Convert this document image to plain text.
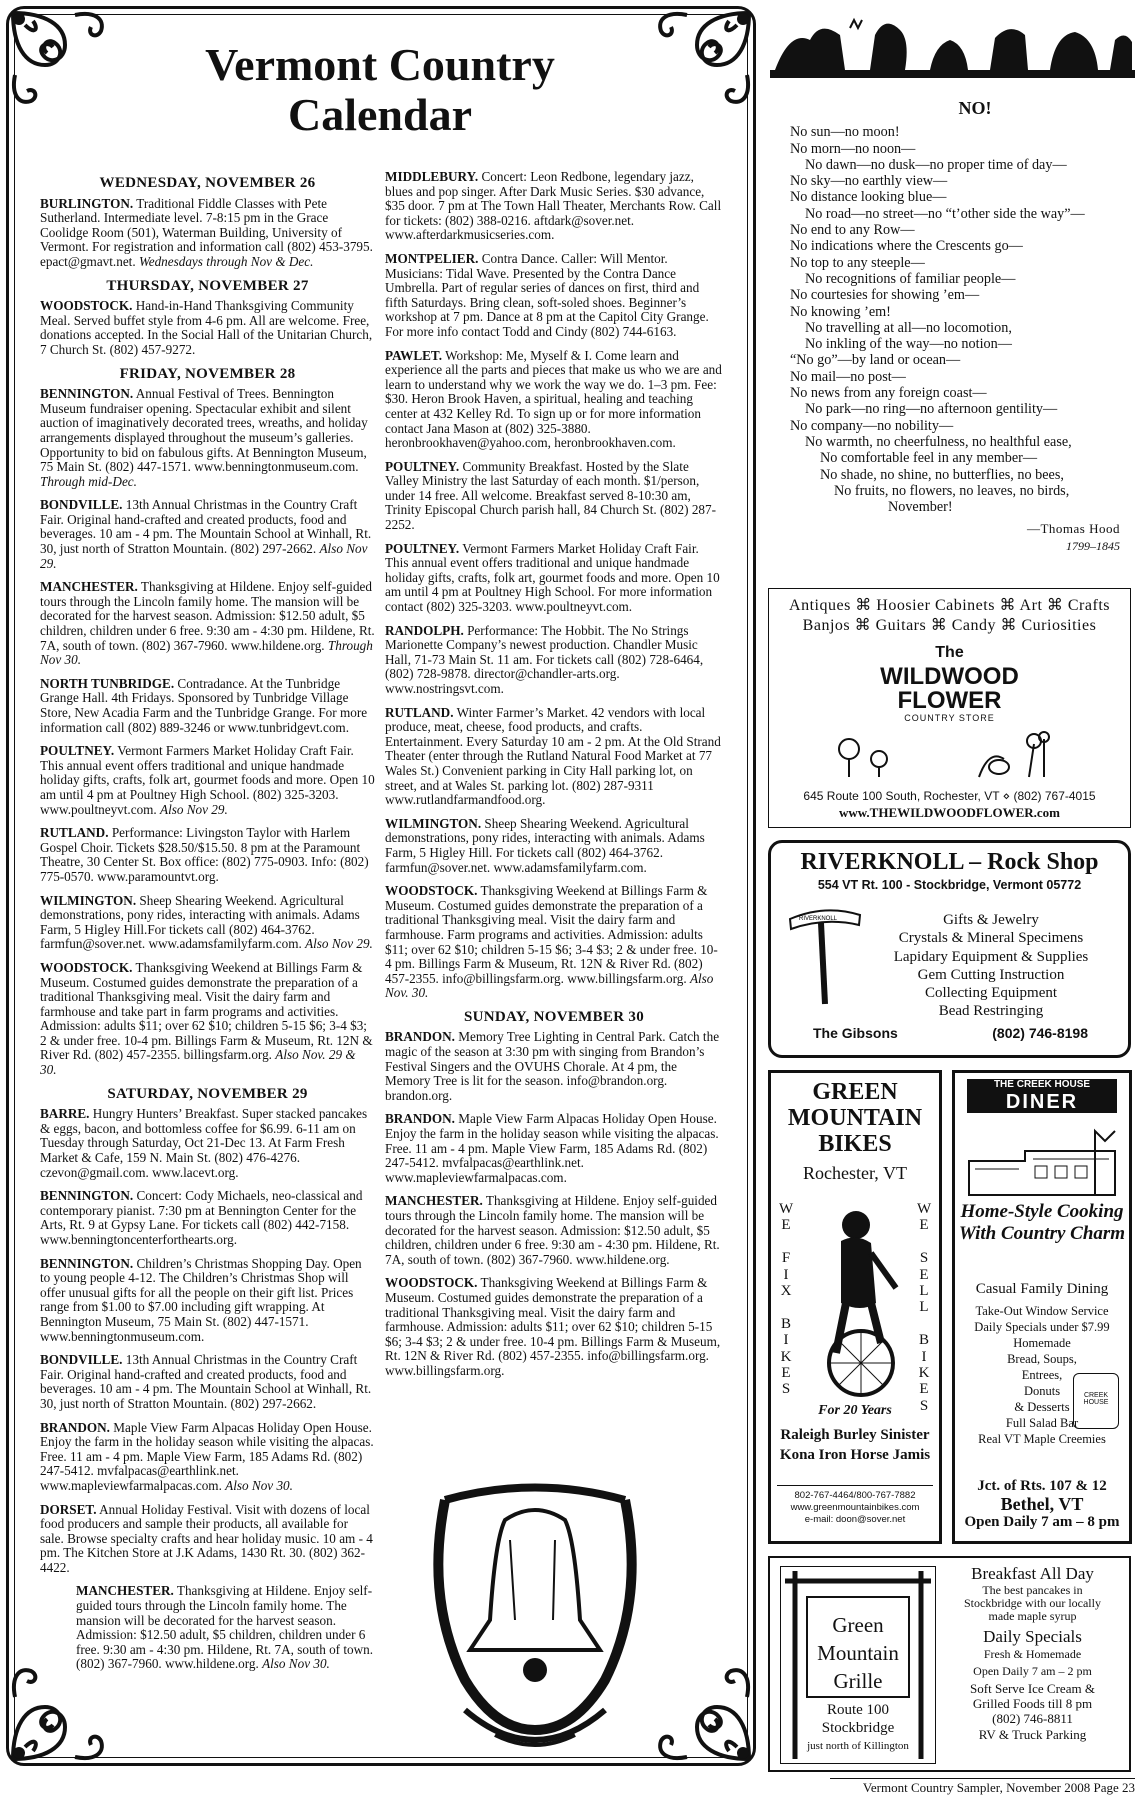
Vermont Country Calendar
WEDNESDAY, NOVEMBER 26
BURLINGTON. Traditional Fiddle Classes with Pete Sutherland. Intermediate level. 7-8:15 pm in the Grace Coolidge Room (501), Waterman Building, University of Vermont. For registration and information call (802) 453-3795. epact@gmavt.net. Wednesdays through Nov & Dec.
THURSDAY, NOVEMBER 27
WOODSTOCK. Hand-in-Hand Thanksgiving Community Meal. Served buffet style from 4-6 pm. All are welcome. Free, donations accepted. In the Social Hall of the Unitarian Church, 7 Church St. (802) 457-9272.
FRIDAY, NOVEMBER 28
BENNINGTON. Annual Festival of Trees. Bennington Museum fundraiser opening. Spectacular exhibit and silent auction of imaginatively decorated trees, wreaths, and holiday arrangements displayed throughout the museum’s galleries. Opportunity to bid on fabulous gifts. At Bennington Museum, 75 Main St. (802) 447-1571. www.benningtonmuseum.com. Through mid-Dec.
BONDVILLE. 13th Annual Christmas in the Country Craft Fair. Original hand-crafted and created products, food and beverages. 10 am - 4 pm. The Mountain School at Winhall, Rt. 30, just north of Stratton Mountain. (802) 297-2662. Also Nov 29.
MANCHESTER. Thanksgiving at Hildene. Enjoy self-guided tours through the Lincoln family home. The mansion will be decorated for the harvest season. Admission: $12.50 adult, $5 children, children under 6 free. 9:30 am - 4:30 pm. Hildene, Rt. 7A, south of town. (802) 367-7960. www.hildene.org. Through Nov 30.
NORTH TUNBRIDGE. Contradance. At the Tunbridge Grange Hall. 4th Fridays. Sponsored by Tunbridge Village Store, New Acadia Farm and the Tunbridge Grange. For more information call (802) 889-3246 or www.tunbridgevt.com.
POULTNEY. Vermont Farmers Market Holiday Craft Fair. This annual event offers traditional and unique handmade holiday gifts, crafts, folk art, gourmet foods and more. Open 10 am until 4 pm at Poultney High School. (802) 325-3203. www.poultneyvt.com. Also Nov 29.
RUTLAND. Performance: Livingston Taylor with Harlem Gospel Choir. Tickets $28.50/$15.50. 8 pm at the Paramount Theatre, 30 Center St. Box office: (802) 775-0903. Info: (802) 775-0570. www.paramountvt.org.
WILMINGTON. Sheep Shearing Weekend. Agricultural demonstrations, pony rides, interacting with animals. Adams Farm, 5 Higley Hill.For tickets call (802) 464-3762. farmfun@sover.net. www.adamsfamilyfarm.com. Also Nov 29.
WOODSTOCK. Thanksgiving Weekend at Billings Farm & Museum. Costumed guides demonstrate the preparation of a traditional Thanksgiving meal. Visit the dairy farm and farmhouse and take part in farm programs and activities. Admission: adults $11; over 62 $10; children 5-15 $6; 3-4 $3; 2 & under free. 10-4 pm. Billings Farm & Museum, Rt. 12N & River Rd. (802) 457-2355. billingsfarm.org. Also Nov. 29 & 30.
SATURDAY, NOVEMBER 29
BARRE. Hungry Hunters’ Breakfast. Super stacked pancakes & eggs, bacon, and bottomless coffee for $6.99. 6-11 am on Tuesday through Saturday, Oct 21-Dec 13. At Farm Fresh Market & Cafe, 159 N. Main St. (802) 476-4276. czevon@gmail.com. www.lacevt.org.
BENNINGTON. Concert: Cody Michaels, neo-classical and contemporary pianist. 7:30 pm at Bennington Center for the Arts, Rt. 9 at Gypsy Lane. For tickets call (802) 442-7158. www.benningtoncenterforthearts.org.
BENNINGTON. Children’s Christmas Shopping Day. Open to young people 4-12. The Children’s Christmas Shop will offer unusual gifts for all the people on their gift list. Prices range from $1.00 to $7.00 including gift wrapping. At Bennington Museum, 75 Main St. (802) 447-1571. www.benningtonmuseum.com.
BONDVILLE. 13th Annual Christmas in the Country Craft Fair. Original hand-crafted and created products, food and beverages. 10 am - 4 pm. The Mountain School at Winhall, Rt. 30, just north of Stratton Mountain. (802) 297-2662.
BRANDON. Maple View Farm Alpacas Holiday Open House. Enjoy the farm in the holiday season while visiting the alpacas. Free. 11 am - 4 pm. Maple View Farm, 185 Adams Rd. (802) 247-5412. mvfalpacas@earthlink.net. www.mapleviewfarmalpacas.com. Also Nov 30.
DORSET. Annual Holiday Festival. Visit with dozens of local food producers and sample their products, all available for sale. Browse specialty crafts and hear holiday music. 10 am - 4 pm. The Kitchen Store at J.K Adams, 1430 Rt. 30. (802) 362-4422.
MANCHESTER. Thanksgiving at Hildene. Enjoy self-guided tours through the Lincoln family home. The mansion will be decorated for the harvest season. Admission: $12.50 adult, $5 children, children under 6 free. 9:30 am - 4:30 pm. Hildene, Rt. 7A, south of town. (802) 367-7960. www.hildene.org. Also Nov 30.
MIDDLEBURY. Concert: Leon Redbone, legendary jazz, blues and pop singer. After Dark Music Series. $30 advance, $35 door. 7 pm at The Town Hall Theater, Merchants Row. Call for tickets: (802) 388-0216. aftdark@sover.net. www.afterdarkmusicseries.com.
MONTPELIER. Contra Dance. Caller: Will Mentor. Musicians: Tidal Wave. Presented by the Contra Dance Umbrella. Part of regular series of dances on first, third and fifth Saturdays. Bring clean, soft-soled shoes. Beginner’s workshop at 7 pm. Dance at 8 pm at the Capitol City Grange. For more info contact Todd and Cindy (802) 744-6163.
PAWLET. Workshop: Me, Myself & I. Come learn and experience all the parts and pieces that make us who we are and learn to understand why we work the way we do. 1–3 pm. Fee: $30. Heron Brook Haven, a spiritual, healing and teaching center at 432 Kelley Rd. To sign up or for more information contact Jana Mason at (802) 325-3880. heronbrookhaven@yahoo.com, heronbrookhaven.com.
POULTNEY. Community Breakfast. Hosted by the Slate Valley Ministry the last Saturday of each month. $1/person, under 14 free. All welcome. Breakfast served 8-10:30 am, Trinity Episcopal Church parish hall, 84 Church St. (802) 287-2252.
POULTNEY. Vermont Farmers Market Holiday Craft Fair. This annual event offers traditional and unique handmade holiday gifts, crafts, folk art, gourmet foods and more. Open 10 am until 4 pm at Poultney High School. For more information contact (802) 325-3203. www.poultneyvt.com.
RANDOLPH. Performance: The Hobbit. The No Strings Marionette Company’s newest production. Chandler Music Hall, 71-73 Main St. 11 am. For tickets call (802) 728-6464, (802) 728-9878. director@chandler-arts.org. www.nostringsvt.com.
RUTLAND. Winter Farmer’s Market. 42 vendors with local produce, meat, cheese, food products, and crafts. Entertainment. Every Saturday 10 am - 2 pm. At the Old Strand Theater (enter through the Rutland Natural Food Market at 77 Wales St.) Convenient parking in City Hall parking lot, on street, and at Wales St. parking lot. (802) 287-9311 www.rutlandfarmandfood.org.
WILMINGTON. Sheep Shearing Weekend. Agricultural demonstrations, pony rides, interacting with animals. Adams Farm, 5 Higley Hill. For tickets call (802) 464-3762. farmfun@sover.net. www.adamsfamilyfarm.com.
WOODSTOCK. Thanksgiving Weekend at Billings Farm & Museum. Costumed guides demonstrate the preparation of a traditional Thanksgiving meal. Visit the dairy farm and farmhouse. Farm programs and activities. Admission: adults $11; over 62 $10; children 5-15 $6; 3-4 $3; 2 & under free. 10-4 pm. Billings Farm & Museum, Rt. 12N & River Rd. (802) 457-2355. info@billingsfarm.org. www.billingsfarm.org. Also Nov. 30.
SUNDAY, NOVEMBER 30
BRANDON. Memory Tree Lighting in Central Park. Catch the magic of the season at 3:30 pm with singing from Brandon’s Festival Singers and the OVUHS Chorale. At 4 pm, the Memory Tree is lit for the season. info@brandon.org. brandon.org.
BRANDON. Maple View Farm Alpacas Holiday Open House. Enjoy the farm in the holiday season while visiting the alpacas. Free. 11 am - 4 pm. Maple View Farm, 185 Adams Rd. (802) 247-5412. mvfalpacas@earthlink.net. www.mapleviewfarmalpacas.com.
MANCHESTER. Thanksgiving at Hildene. Enjoy self-guided tours through the Lincoln family home. The mansion will be decorated for the harvest season. Admission: $12.50 adult, $5 children, children under 6 free. 9:30 am - 4:30 pm. Hildene, Rt. 7A, south of town. (802) 367-7960. www.hildene.org.
WOODSTOCK. Thanksgiving Weekend at Billings Farm & Museum. Costumed guides demonstrate the preparation of a traditional Thanksgiving meal. Visit the dairy farm and farmhouse. Admission: adults $11; over 62 $10; children 5-15 $6; 3-4 $3; 2 & under free. 10-4 pm. Billings Farm & Museum, Rt. 12N & River Rd. (802) 457-2355. info@billingsfarm.org. www.billingsfarm.org.
NO!
No sun—no moon!
No morn—no noon—
No dawn—no dusk—no proper time of day—
No sky—no earthly view—
No distance looking blue—
No road—no street—no “t’other side the way”—
No end to any Row—
No indications where the Crescents go—
No top to any steeple—
No recognitions of familiar people—
No courtesies for showing ’em—
No knowing ’em!
No travelling at all—no locomotion,
No inkling of the way—no notion—
“No go”—by land or ocean—
No mail—no post—
No news from any foreign coast—
No park—no ring—no afternoon gentility—
No company—no nobility—
No warmth, no cheerfulness, no healthful ease,
No comfortable feel in any member—
No shade, no shine, no butterflies, no bees,
No fruits, no flowers, no leaves, no birds,
November!
—Thomas Hood
1799–1845
Antiques ⌘ Hoosier Cabinets ⌘ Art ⌘ Crafts
Banjos ⌘ Guitars ⌘ Candy ⌘ Curiosities
The
WILDWOOD
FLOWER
COUNTRY STORE
645 Route 100 South, Rochester, VT ⋄ (802) 767-4015
www.THEWILDWOODFLOWER.com
RIVERKNOLL – Rock Shop
554 VT Rt. 100 - Stockbridge, Vermont 05772
RIVERKNOLL	Gifts & Jewelry
Crystals & Mineral Specimens
Lapidary Equipment & Supplies
Gem Cutting Instruction
Collecting Equipment
Bead Restringing
The Gibsons	(802) 746-8198
GREEN MOUNTAIN BIKES
Rochester, VT
W
E

F
I
X

B
I
K
E
S
W
E

S
E
L
L

B
I
K
E
S
For 20 Years
Raleigh Burley Sinister
Kona Iron Horse Jamis
802-767-4464/800-767-7882
www.greenmountainbikes.com
e-mail: doon@sover.net
THE CREEK HOUSE
DINER
Home-Style Cooking With Country Charm
Casual Family Dining
Take-Out Window Service
Daily Specials under $7.99
Homemade
Bread, Soups,
Entrees,
Donuts
& Desserts
Full Salad Bar
Real VT Maple Creemies
CREEK HOUSE
Jct. of Rts. 107 & 12
Bethel, VT
Open Daily 7 am – 8 pm
Green Mountain Grille
Route 100
Stockbridge
just north of Killington
Breakfast All Day
The best pancakes in Stockbridge with our locally made maple syrup
Daily Specials
Fresh & Homemade
Open Daily 7 am – 2 pm
Soft Serve Ice Cream & Grilled Foods till 8 pm
(802) 746-8811
RV & Truck Parking
Vermont Country Sampler, November 2008 Page 23
